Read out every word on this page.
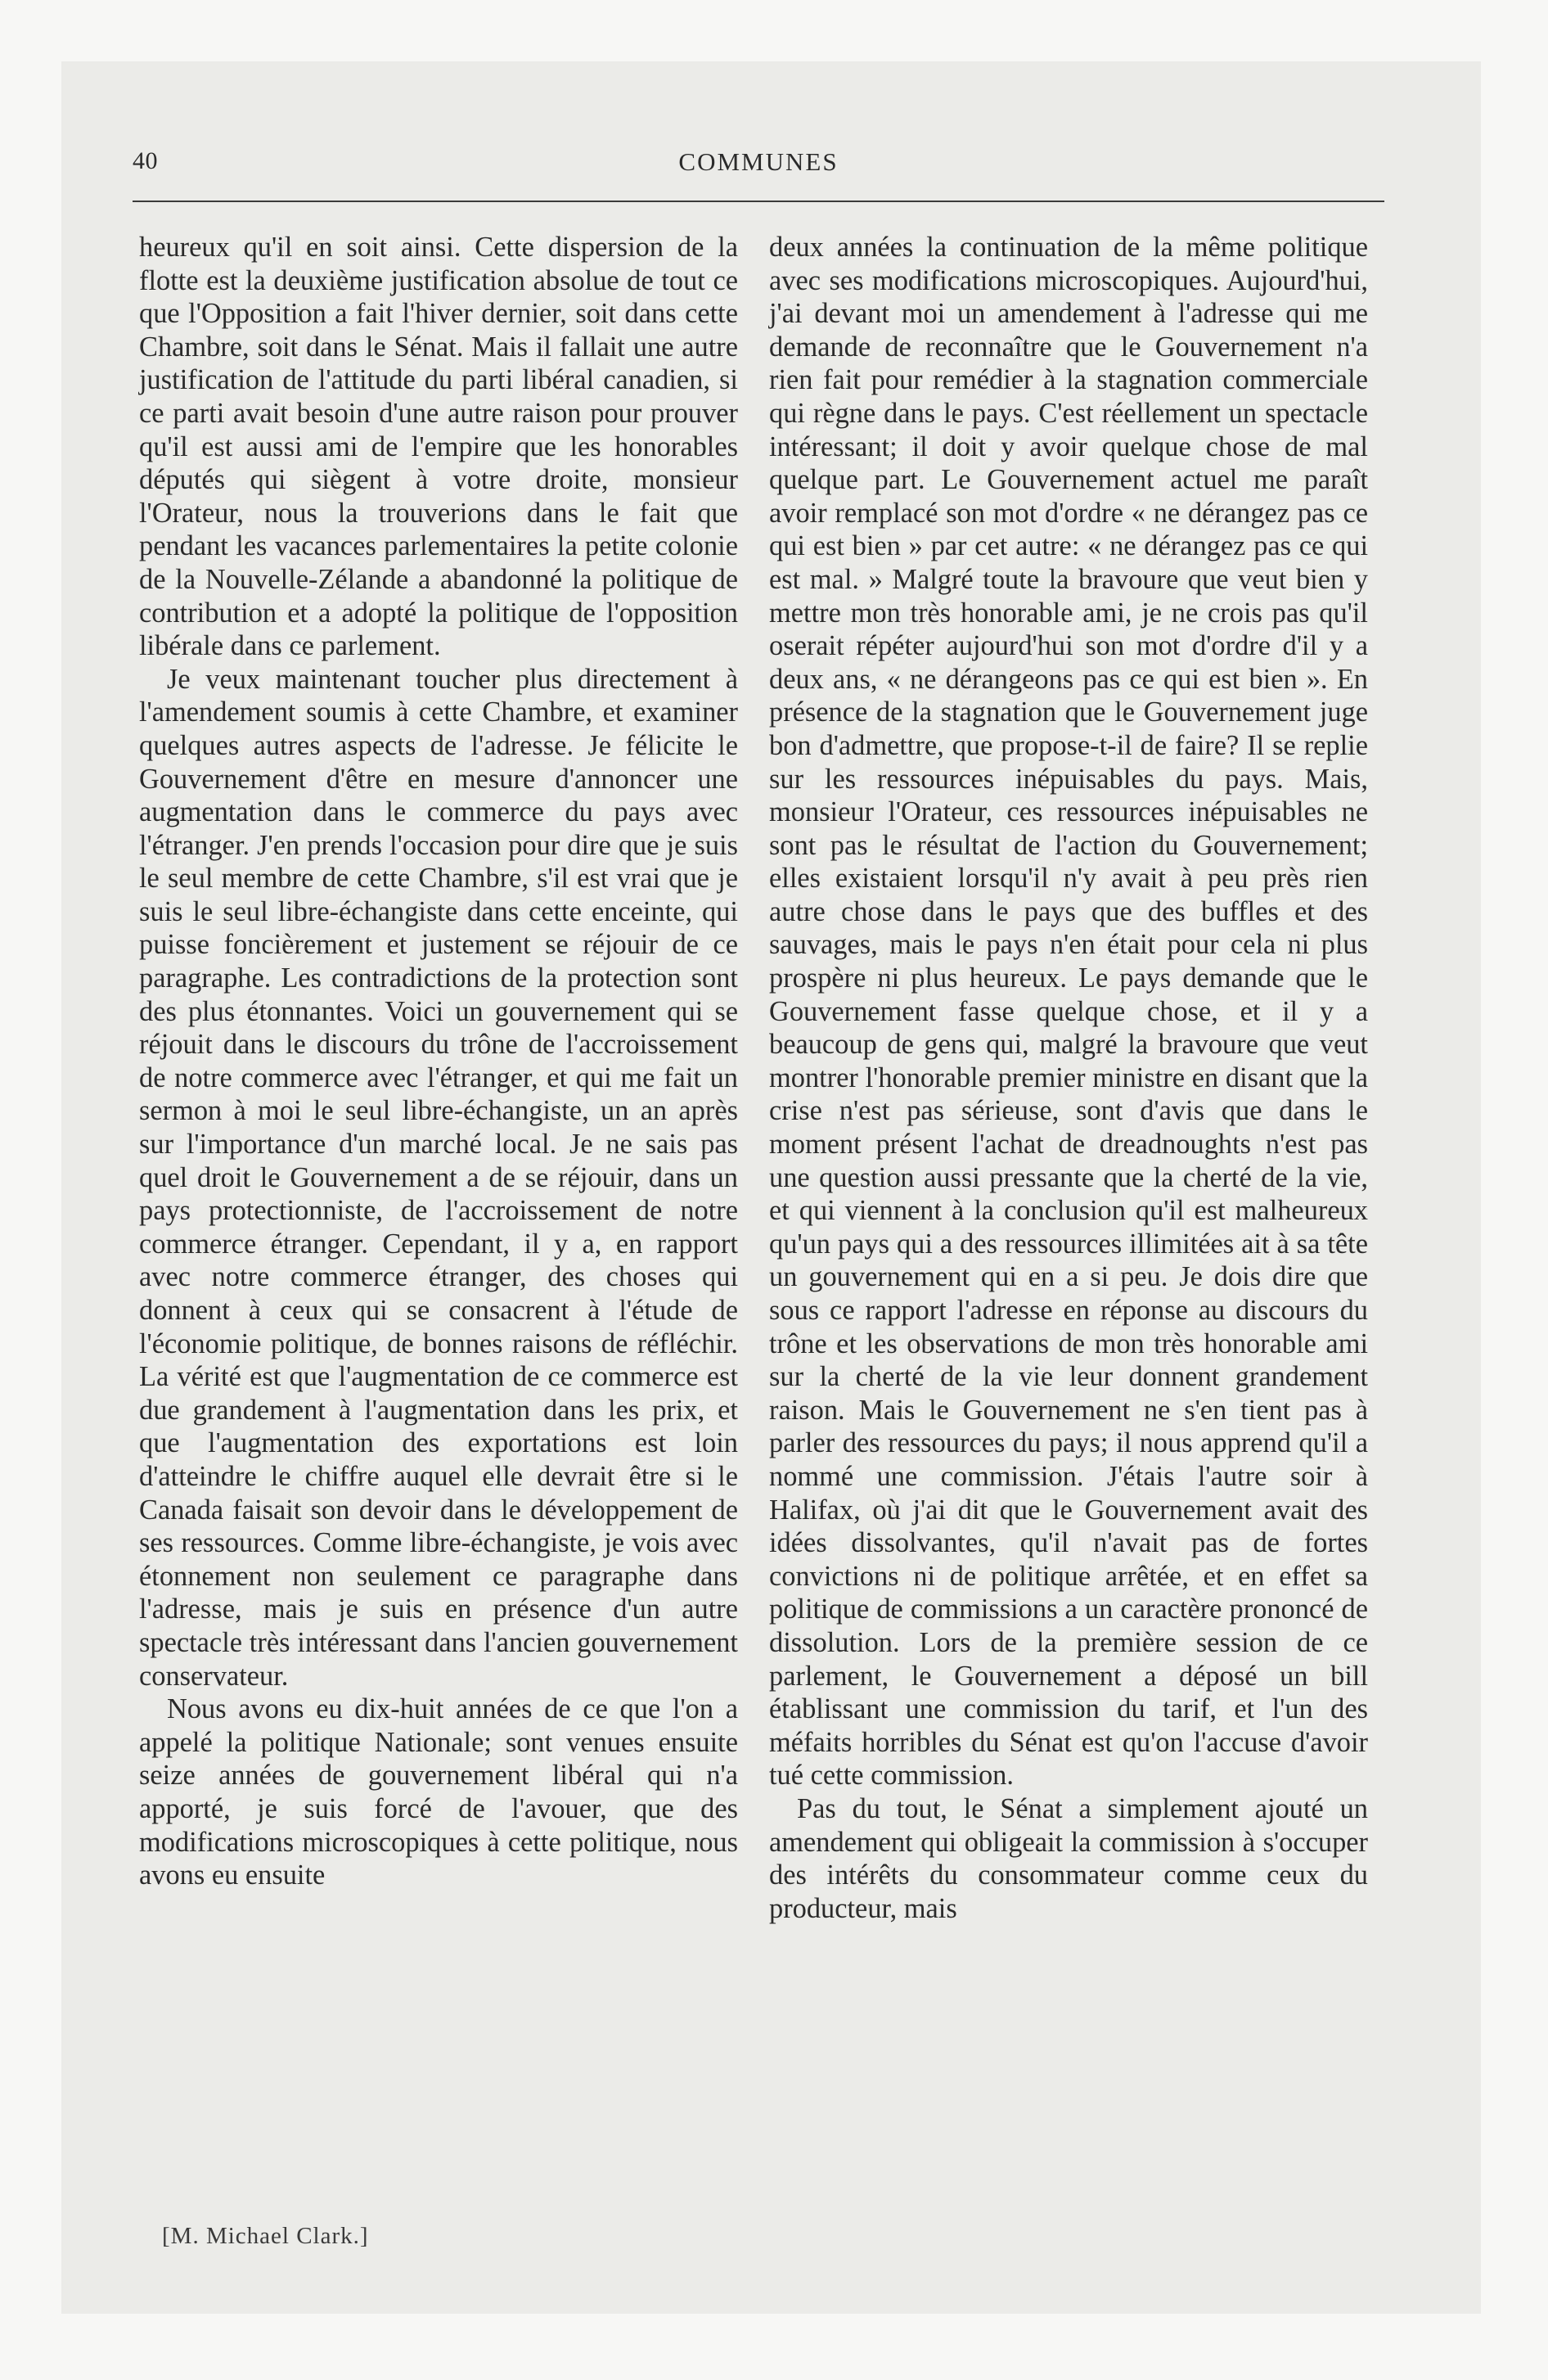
40	COMMUNES

heureux qu'il en soit ainsi. Cette dispersion de la flotte est la deuxième justification absolue de tout ce que l'Opposition a fait l'hiver dernier, soit dans cette Chambre, soit dans le Sénat. Mais il fallait une autre justification de l'attitude du parti libéral canadien, si ce parti avait besoin d'une autre raison pour prouver qu'il est aussi ami de l'empire que les honorables députés qui siègent à votre droite, monsieur l'Orateur, nous la trouverions dans le fait que pendant les vacances parlementaires la petite colonie de la Nouvelle-Zélande a abandonné la politique de contribution et a adopté la politique de l'opposition libérale dans ce parlement.

Je veux maintenant toucher plus directement à l'amendement soumis à cette Chambre, et examiner quelques autres aspects de l'adresse. Je félicite le Gouvernement d'être en mesure d'annoncer une augmentation dans le commerce du pays avec l'étranger. J'en prends l'occasion pour dire que je suis le seul membre de cette Chambre, s'il est vrai que je suis le seul libre-échangiste dans cette enceinte, qui puisse foncièrement et justement se réjouir de ce paragraphe. Les contradictions de la protection sont des plus étonnantes. Voici un gouvernement qui se réjouit dans le discours du trône de l'accroissement de notre commerce avec l'étranger, et qui me fait un sermon à moi le seul libre-échangiste, un an après sur l'importance d'un marché local. Je ne sais pas quel droit le Gouvernement a de se réjouir, dans un pays protectionniste, de l'accroissement de notre commerce étranger. Cependant, il y a, en rapport avec notre commerce étranger, des choses qui donnent à ceux qui se consacrent à l'étude de l'économie politique, de bonnes raisons de réfléchir. La vérité est que l'augmentation de ce commerce est due grandement à l'augmentation dans les prix, et que l'augmentation des exportations est loin d'atteindre le chiffre auquel elle devrait être si le Canada faisait son devoir dans le développement de ses ressources. Comme libre-échangiste, je vois avec étonnement non seulement ce paragraphe dans l'adresse, mais je suis en présence d'un autre spectacle très intéressant dans l'ancien gouvernement conservateur.

Nous avons eu dix-huit années de ce que l'on a appelé la politique Nationale; sont venues ensuite seize années de gouvernement libéral qui n'a apporté, je suis forcé de l'avouer, que des modifications microscopiques à cette politique, nous avons eu ensuite

deux années la continuation de la même politique avec ses modifications microscopiques. Aujourd'hui, j'ai devant moi un amendement à l'adresse qui me demande de reconnaître que le Gouvernement n'a rien fait pour remédier à la stagnation commerciale qui règne dans le pays. C'est réellement un spectacle intéressant; il doit y avoir quelque chose de mal quelque part. Le Gouvernement actuel me paraît avoir remplacé son mot d'ordre « ne dérangez pas ce qui est bien » par cet autre: « ne dérangez pas ce qui est mal. » Malgré toute la bravoure que veut bien y mettre mon très honorable ami, je ne crois pas qu'il oserait répéter aujourd'hui son mot d'ordre d'il y a deux ans, « ne dérangeons pas ce qui est bien ». En présence de la stagnation que le Gouvernement juge bon d'admettre, que propose-t-il de faire? Il se replie sur les ressources inépuisables du pays. Mais, monsieur l'Orateur, ces ressources inépuisables ne sont pas le résultat de l'action du Gouvernement; elles existaient lorsqu'il n'y avait à peu près rien autre chose dans le pays que des buffles et des sauvages, mais le pays n'en était pour cela ni plus prospère ni plus heureux. Le pays demande que le Gouvernement fasse quelque chose, et il y a beaucoup de gens qui, malgré la bravoure que veut montrer l'honorable premier ministre en disant que la crise n'est pas sérieuse, sont d'avis que dans le moment présent l'achat de dreadnoughts n'est pas une question aussi pressante que la cherté de la vie, et qui viennent à la conclusion qu'il est malheureux qu'un pays qui a des ressources illimitées ait à sa tête un gouvernement qui en a si peu. Je dois dire que sous ce rapport l'adresse en réponse au discours du trône et les observations de mon très honorable ami sur la cherté de la vie leur donnent grandement raison. Mais le Gouvernement ne s'en tient pas à parler des ressources du pays; il nous apprend qu'il a nommé une commission. J'étais l'autre soir à Halifax, où j'ai dit que le Gouvernement avait des idées dissolvantes, qu'il n'avait pas de fortes convictions ni de politique arrêtée, et en effet sa politique de commissions a un caractère prononcé de dissolution. Lors de la première session de ce parlement, le Gouvernement a déposé un bill établissant une commission du tarif, et l'un des méfaits horribles du Sénat est qu'on l'accuse d'avoir tué cette commission.

Pas du tout, le Sénat a simplement ajouté un amendement qui obligeait la commission à s'occuper des intérêts du consommateur comme ceux du producteur, mais

[M. Michael Clark.]
